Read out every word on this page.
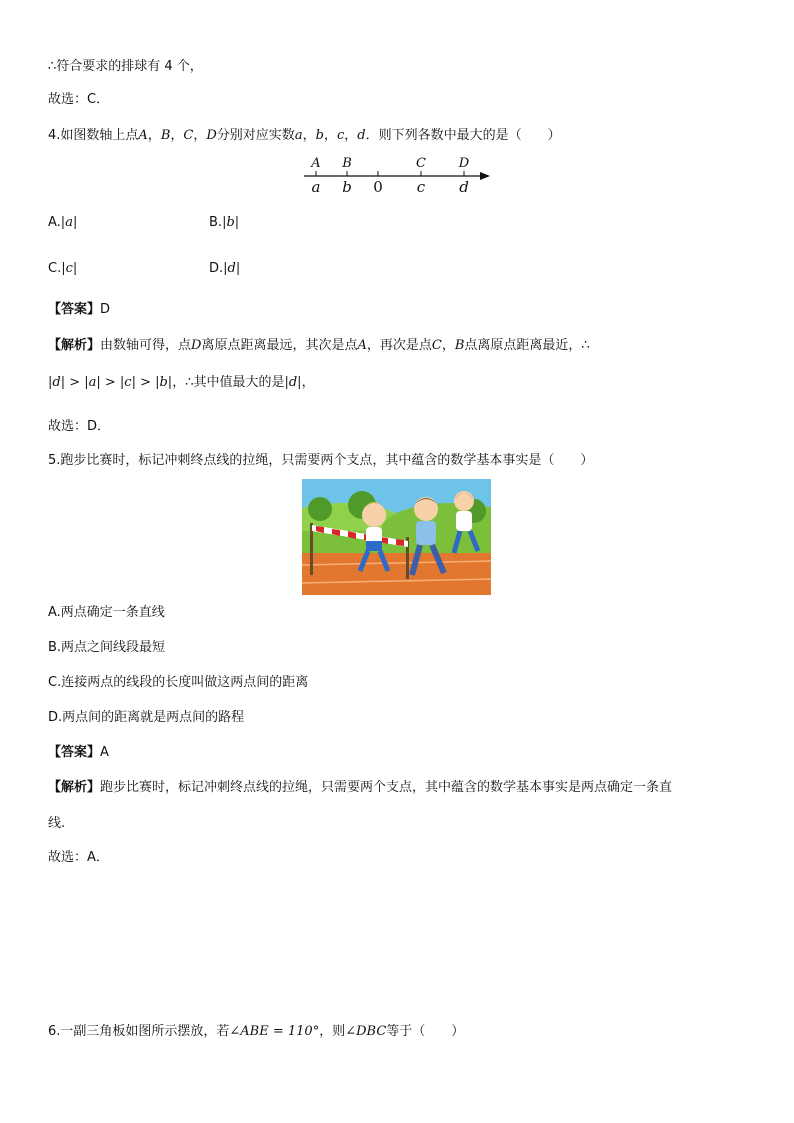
∴符合要求的排球有 4 个，
故选：C．
4.如图数轴上点A，B，C，D分别对应实数a，b，c，d．则下列各数中最大的是（　　）
A B	C	D
a b 0 c d
A.|a|	B.|b|
C.|c|	D.|d|
【答案】D
【解析】由数轴可得，点D离原点距离最远，其次是点A，再次是点C，B点离原点距离最近，∴
|d| > |a| > |c| > |b|，∴其中值最大的是|d|，
故选：D．
5.跑步比赛时，标记冲刺终点线的拉绳，只需要两个支点，其中蕴含的数学基本事实是（　　）
A.两点确定一条直线
B.两点之间线段最短
C.连接两点的线段的长度叫做这两点间的距离
D.两点间的距离就是两点间的路程
【答案】A
【解析】跑步比赛时，标记冲刺终点线的拉绳，只需要两个支点，其中蕴含的数学基本事实是两点确定一条直
线.
故选：A．
6.一副三角板如图所示摆放，若∠ABE = 110°，则∠DBC等于（　　）
